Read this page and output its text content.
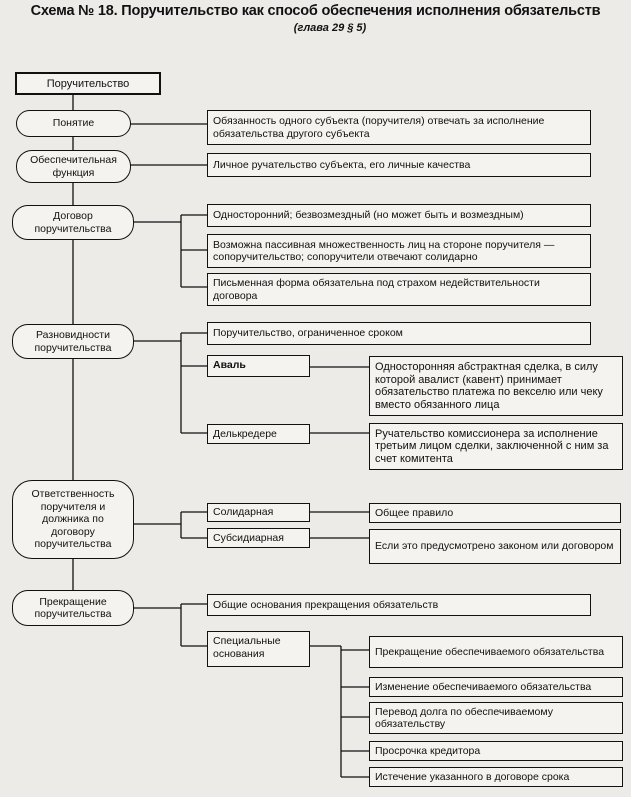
Схема № 18. Поручительство как способ обеспечения исполнения обязательств
(глава 29 § 5)
Поручительство
Понятие
Обеспечительная функция
Договор поручительства
Разновидности поручительства
Ответственность поручителя и должника по договору поручительства
Прекращение поручительства
Обязанность одного субъекта (поручителя) отвечать за исполнение обязательства другого субъекта
Личное ручательство субъекта, его личные качества
Односторонний; безвозмездный (но может быть и возмездным)
Возможна пассивная множественность лиц на стороне поручителя — сопоручительство; сопоручители отвечают солидарно
Письменная форма обязательна под страхом недействительности договора
Поручительство, ограниченное сроком
Аваль	Односторонняя абстрактная сделка, в силу которой авалист (кавент) принимает обязательство платежа по векселю или чеку вместо обязанного лица
Делькредере	Ручательство комиссионера за исполнение третьим лицом сделки, заключенной с ним за счет комитента
Солидарная	Общее правило
Субсидиарная
Если это предусмотрено законом или договором
Общие основания прекращения обязательств
Специальные основания	Прекращение обеспечиваемого обязательства
Изменение обеспечиваемого обязательства
Перевод долга по обеспечиваемому обязательству
Просрочка кредитора
Истечение указанного в договоре срока
